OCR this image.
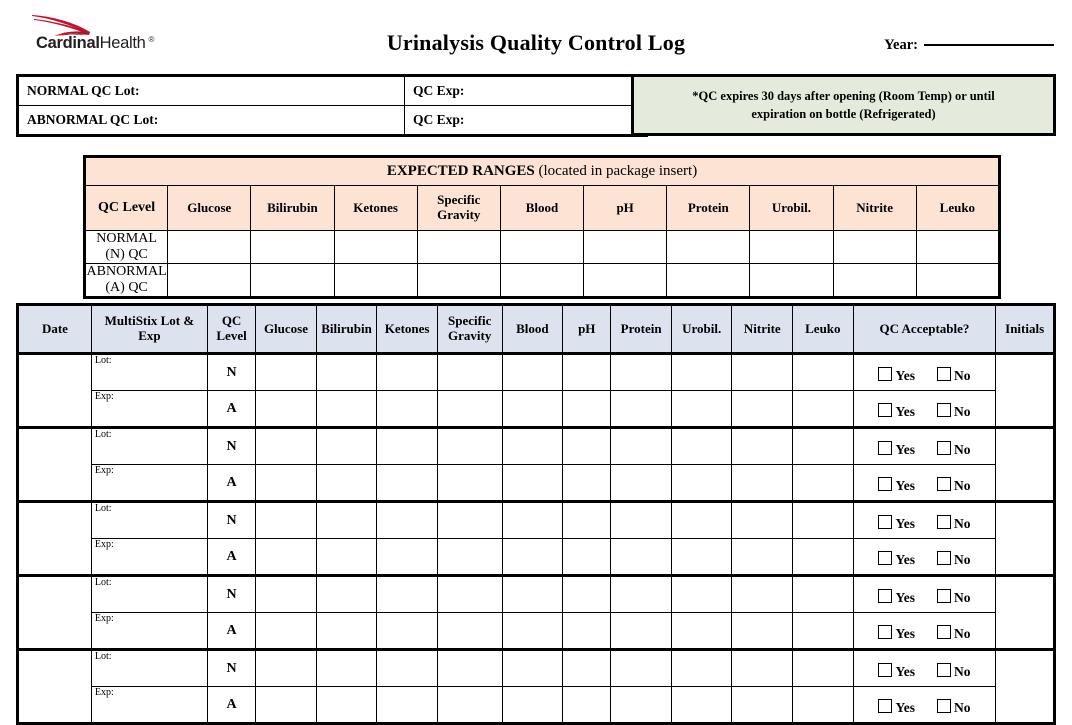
CardinalHealth ®	Urinalysis Quality Control Log	Year:
NORMAL QC Lot:	QC Exp:
ABNORMAL QC Lot:	QC Exp:
*QC expires 30 days after opening (Room Temp) or until
expiration on bottle (Refrigerated)
EXPECTED RANGES (located in package insert)										
QC Level	Glucose	Bilirubin	Ketones	Specific Gravity	Blood	pH	Protein	Urobil.	Nitrite	Leuko
NORMAL (N) QC										
ABNORMAL (A) QC										
Date	MultiStix Lot & Exp	QC Level	Glucose	Bilirubin	Ketones	Specific Gravity	Blood	pH	Protein	Urobil.	Nitrite	Leuko	QC Acceptable?	Initials
	Lot:	N											Yes No	
	Exp:	A											Yes No	
	Lot:	N											Yes No	
	Exp:	A											Yes No	
	Lot:	N											Yes No	
	Exp:	A											Yes No	
	Lot:	N											Yes No	
	Exp:	A											Yes No	
	Lot:	N											Yes No	
	Exp:	A											Yes No	
